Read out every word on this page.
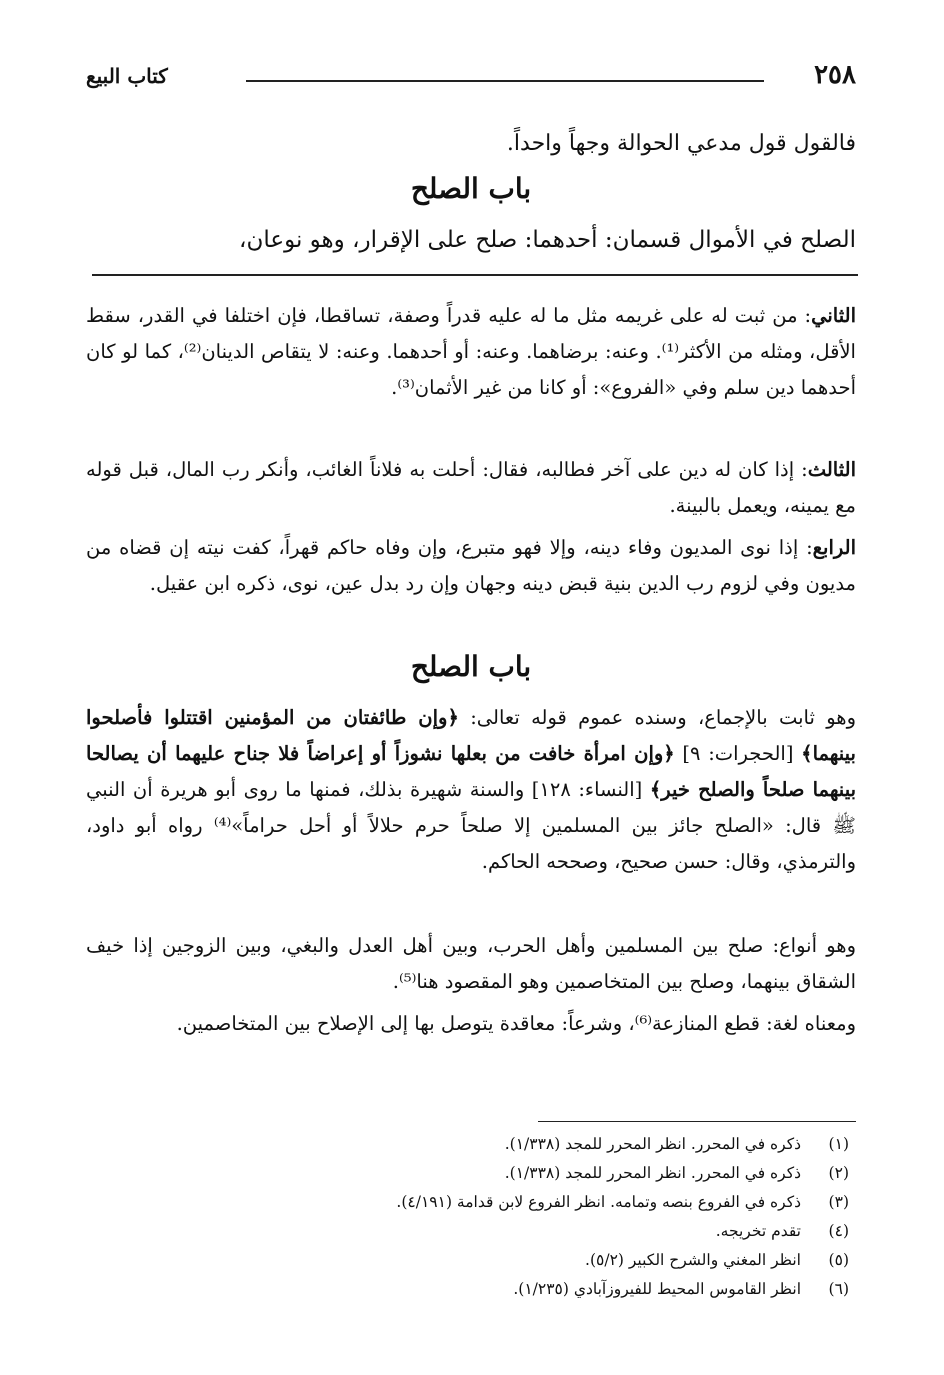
٢٥٨
كتاب البيع
فالقول قول مدعي الحوالة وجهاً واحداً.
باب الصلح
الصلح في الأموال قسمان: أحدهما: صلح على الإقرار، وهو نوعان،
الثاني: من ثبت له على غريمه مثل ما له عليه قدراً وصفة، تساقطا، فإن اختلفا في القدر، سقط الأقل، ومثله من الأكثر⁽¹⁾. وعنه: برضاهما. وعنه: أو أحدهما. وعنه: لا يتقاص الدينان⁽²⁾، كما لو كان أحدهما دين سلم وفي «الفروع»: أو كانا من غير الأثمان⁽³⁾.
الثالث: إذا كان له دين على آخر فطالبه، فقال: أحلت به فلاناً الغائب، وأنكر رب المال، قبل قوله مع يمينه، ويعمل بالبينة.
الرابع: إذا نوى المديون وفاء دينه، وإلا فهو متبرع، وإن وفاه حاكم قهراً، كفت نيته إن قضاه من مديون وفي لزوم رب الدين بنية قبض دينه وجهان وإن رد بدل عين، نوى، ذكره ابن عقيل.
باب الصلح
وهو ثابت بالإجماع، وسنده عموم قوله تعالى: ﴿وإن طائفتان من المؤمنين اقتتلوا فأصلحوا بينهما﴾ [الحجرات: ٩] ﴿وإن امرأة خافت من بعلها نشوزاً أو إعراضاً فلا جناح عليهما أن يصالحا بينهما صلحاً والصلح خير﴾ [النساء: ١٢٨] والسنة شهيرة بذلك، فمنها ما روى أبو هريرة أن النبي ﷺ قال: «الصلح جائز بين المسلمين إلا صلحاً حرم حلالاً أو أحل حراماً»⁽⁴⁾ رواه أبو داود، والترمذي، وقال: حسن صحيح، وصححه الحاكم.
وهو أنواع: صلح بين المسلمين وأهل الحرب، وبين أهل العدل والبغي، وبين الزوجين إذا خيف الشقاق بينهما، وصلح بين المتخاصمين وهو المقصود هنا⁽⁵⁾.
ومعناه لغة: قطع المنازعة⁽⁶⁾، وشرعاً: معاقدة يتوصل بها إلى الإصلاح بين المتخاصمين.
(١)
ذكره في المحرر. انظر المحرر للمجد (١/٣٣٨).
(٢)
ذكره في المحرر. انظر المحرر للمجد (١/٣٣٨).
(٣)
ذكره في الفروع بنصه وتمامه. انظر الفروع لابن قدامة (٤/١٩١).
(٤)
تقدم تخريجه.
(٥)
انظر المغني والشرح الكبير (٥/٢).
(٦)
انظر القاموس المحيط للفيروزآبادي (١/٢٣٥).
